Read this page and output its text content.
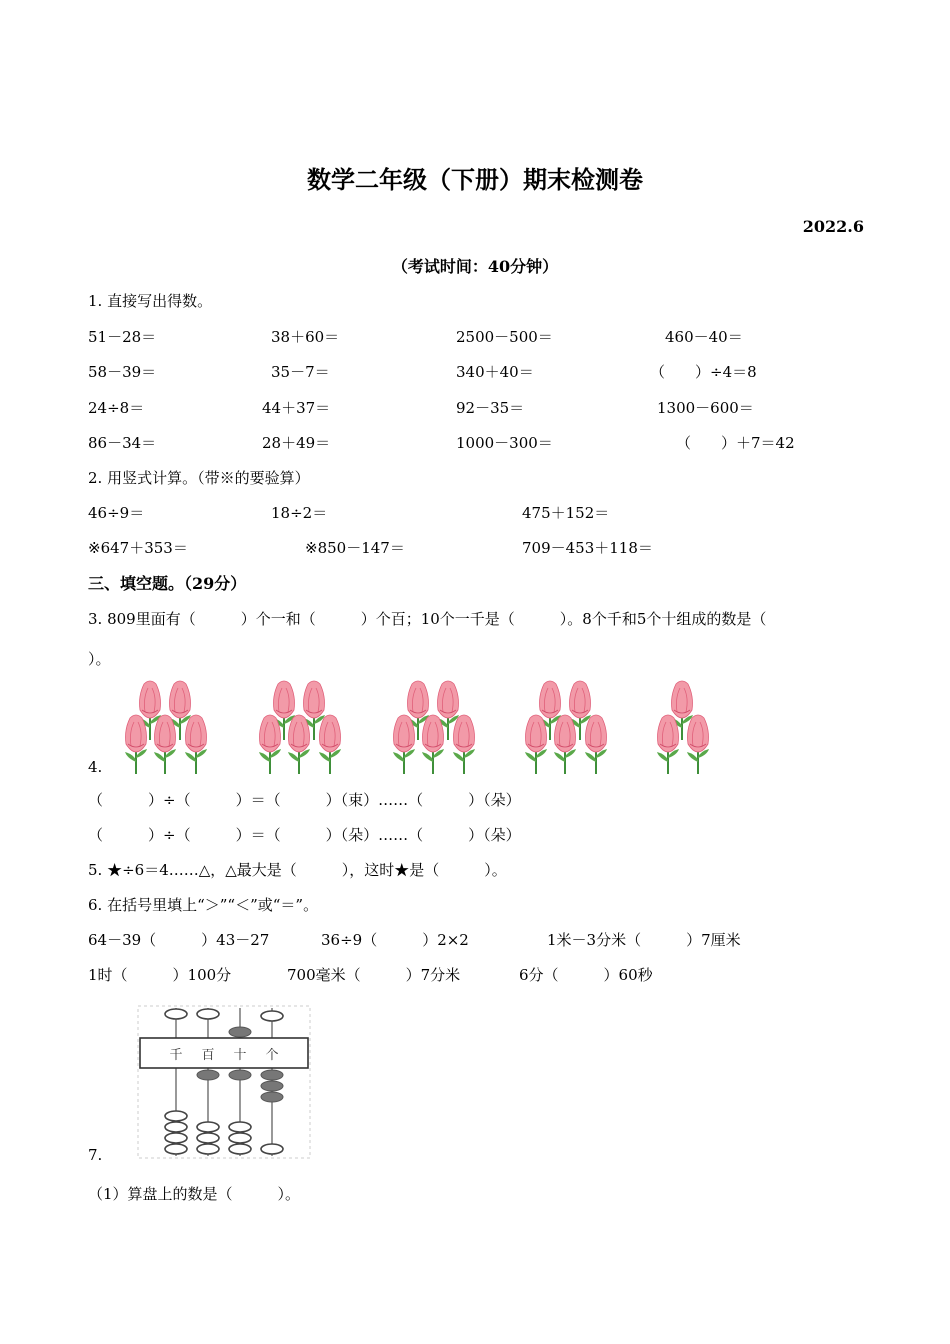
数学二年级（下册）期末检测卷
2022.6
（考试时间：40分钟）
1. 直接写出得数。
51－28＝	38＋60＝	2500－500＝	460－40＝
58－39＝	35－7＝	340＋40＝	（　　）÷4＝8
24÷8＝	44＋37＝	92－35＝	1300－600＝
86－34＝	28＋49＝	1000－300＝	（　　）＋7＝42
2. 用竖式计算。（带※的要验算）
46÷9＝	18÷2＝	475＋152＝
※647＋353＝	※850－147＝	709－453＋118＝
三、填空题。（29分）
3. 809里面有（　　　）个一和（　　　）个百；10个一千是（　　　）。8个千和5个十组成的数是（
）。
4.
（　　　）÷（　　　）＝（　　　）（束）……（　　　）（朵）
（　　　）÷（　　　）＝（　　　）（朵）……（　　　）（朵）
5. ★÷6＝4……△，△最大是（　　　），这时★是（　　　）。
6. 在括号里填上“＞”“＜”或“＝”。
64－39（　　　）43－27	36÷9（　　　）2×2	1米－3分米（　　　）7厘米
1时（　　　）100分	700毫米（　　　）7分米	6分（　　　）60秒
7.
千 百 十 个
（1）算盘上的数是（　　　）。
